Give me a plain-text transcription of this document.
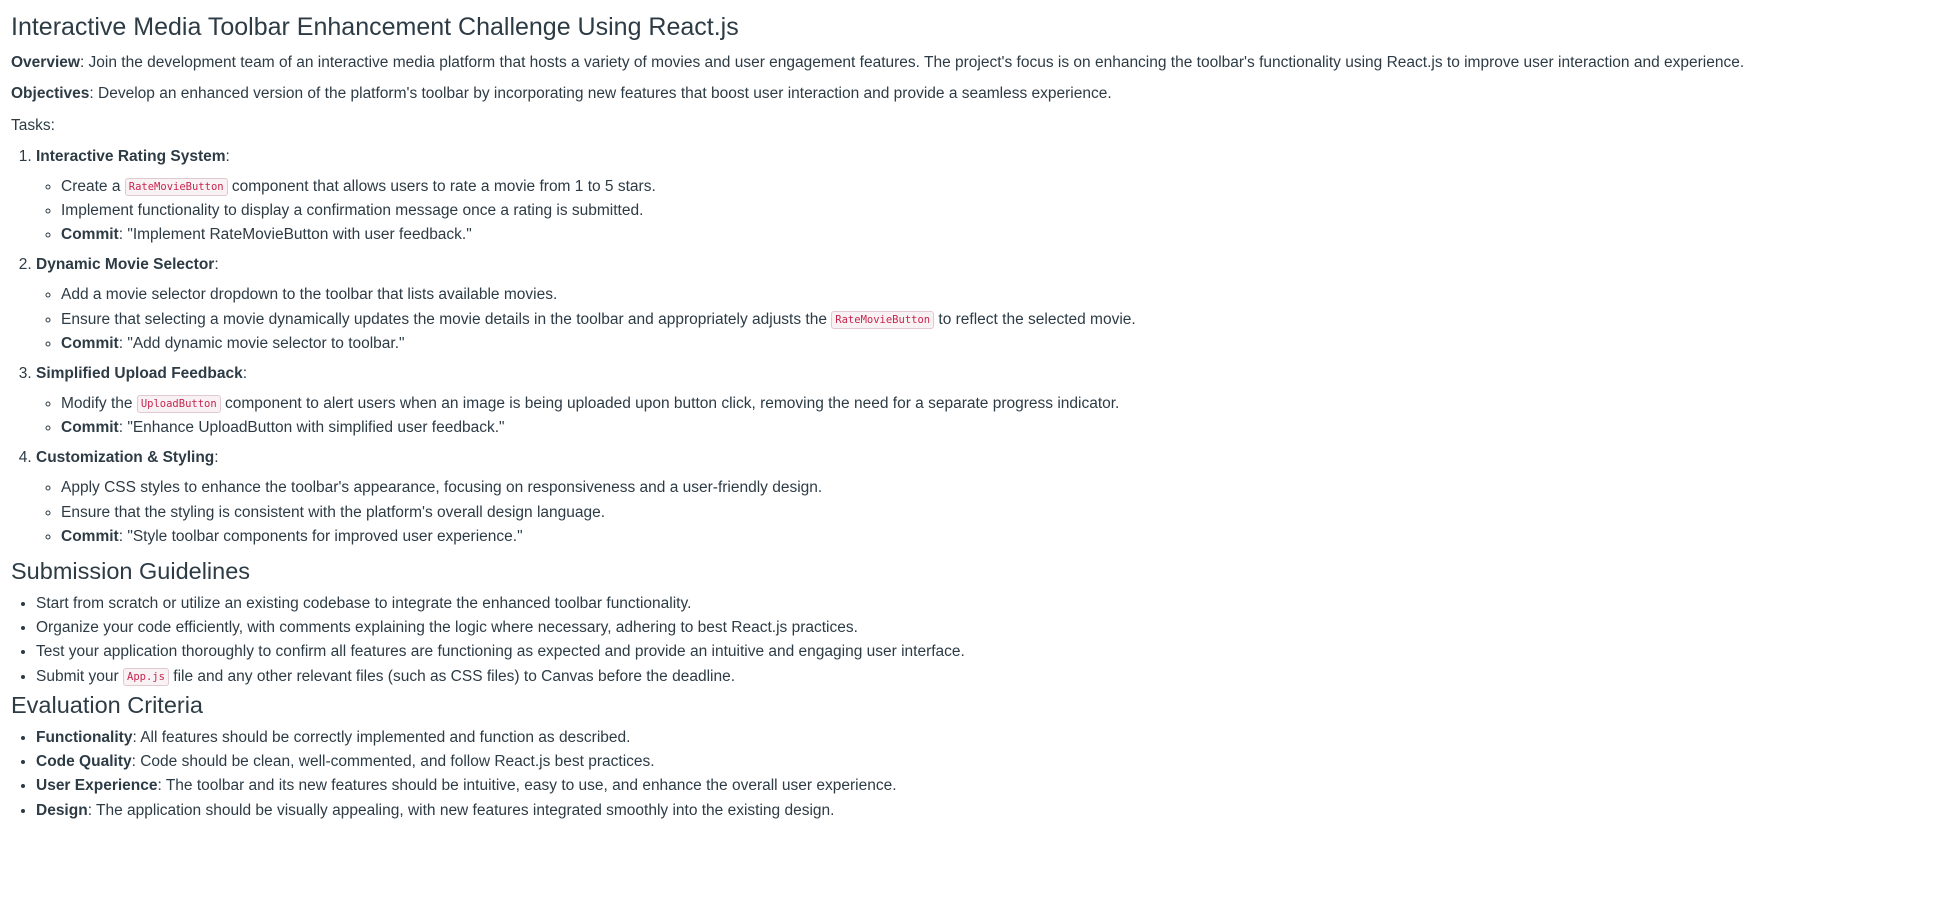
Interactive Media Toolbar Enhancement Challenge Using React.js

Overview: Join the development team of an interactive media platform that hosts a variety of movies and user engagement features. The project's focus is on enhancing the toolbar's functionality using React.js to improve user interaction and experience.

Objectives: Develop an enhanced version of the platform's toolbar by incorporating new features that boost user interaction and provide a seamless experience.

Tasks:

1. Interactive Rating System:
◦ Create a RateMovieButton component that allows users to rate a movie from 1 to 5 stars.
◦ Implement functionality to display a confirmation message once a rating is submitted.
◦ Commit: "Implement RateMovieButton with user feedback."
2. Dynamic Movie Selector:
◦ Add a movie selector dropdown to the toolbar that lists available movies.
◦ Ensure that selecting a movie dynamically updates the movie details in the toolbar and appropriately adjusts the RateMovieButton to reflect the selected movie.
◦ Commit: "Add dynamic movie selector to toolbar."
3. Simplified Upload Feedback:
◦ Modify the UploadButton component to alert users when an image is being uploaded upon button click, removing the need for a separate progress indicator.
◦ Commit: "Enhance UploadButton with simplified user feedback."
4. Customization & Styling:
◦ Apply CSS styles to enhance the toolbar's appearance, focusing on responsiveness and a user-friendly design.
◦ Ensure that the styling is consistent with the platform's overall design language.
◦ Commit: "Style toolbar components for improved user experience."
Submission Guidelines
• Start from scratch or utilize an existing codebase to integrate the enhanced toolbar functionality.
• Organize your code efficiently, with comments explaining the logic where necessary, adhering to best React.js practices.
• Test your application thoroughly to confirm all features are functioning as expected and provide an intuitive and engaging user interface.
• Submit your App.js file and any other relevant files (such as CSS files) to Canvas before the deadline.
Evaluation Criteria
• Functionality: All features should be correctly implemented and function as described.
• Code Quality: Code should be clean, well-commented, and follow React.js best practices.
• User Experience: The toolbar and its new features should be intuitive, easy to use, and enhance the overall user experience.
• Design: The application should be visually appealing, with new features integrated smoothly into the existing design.
